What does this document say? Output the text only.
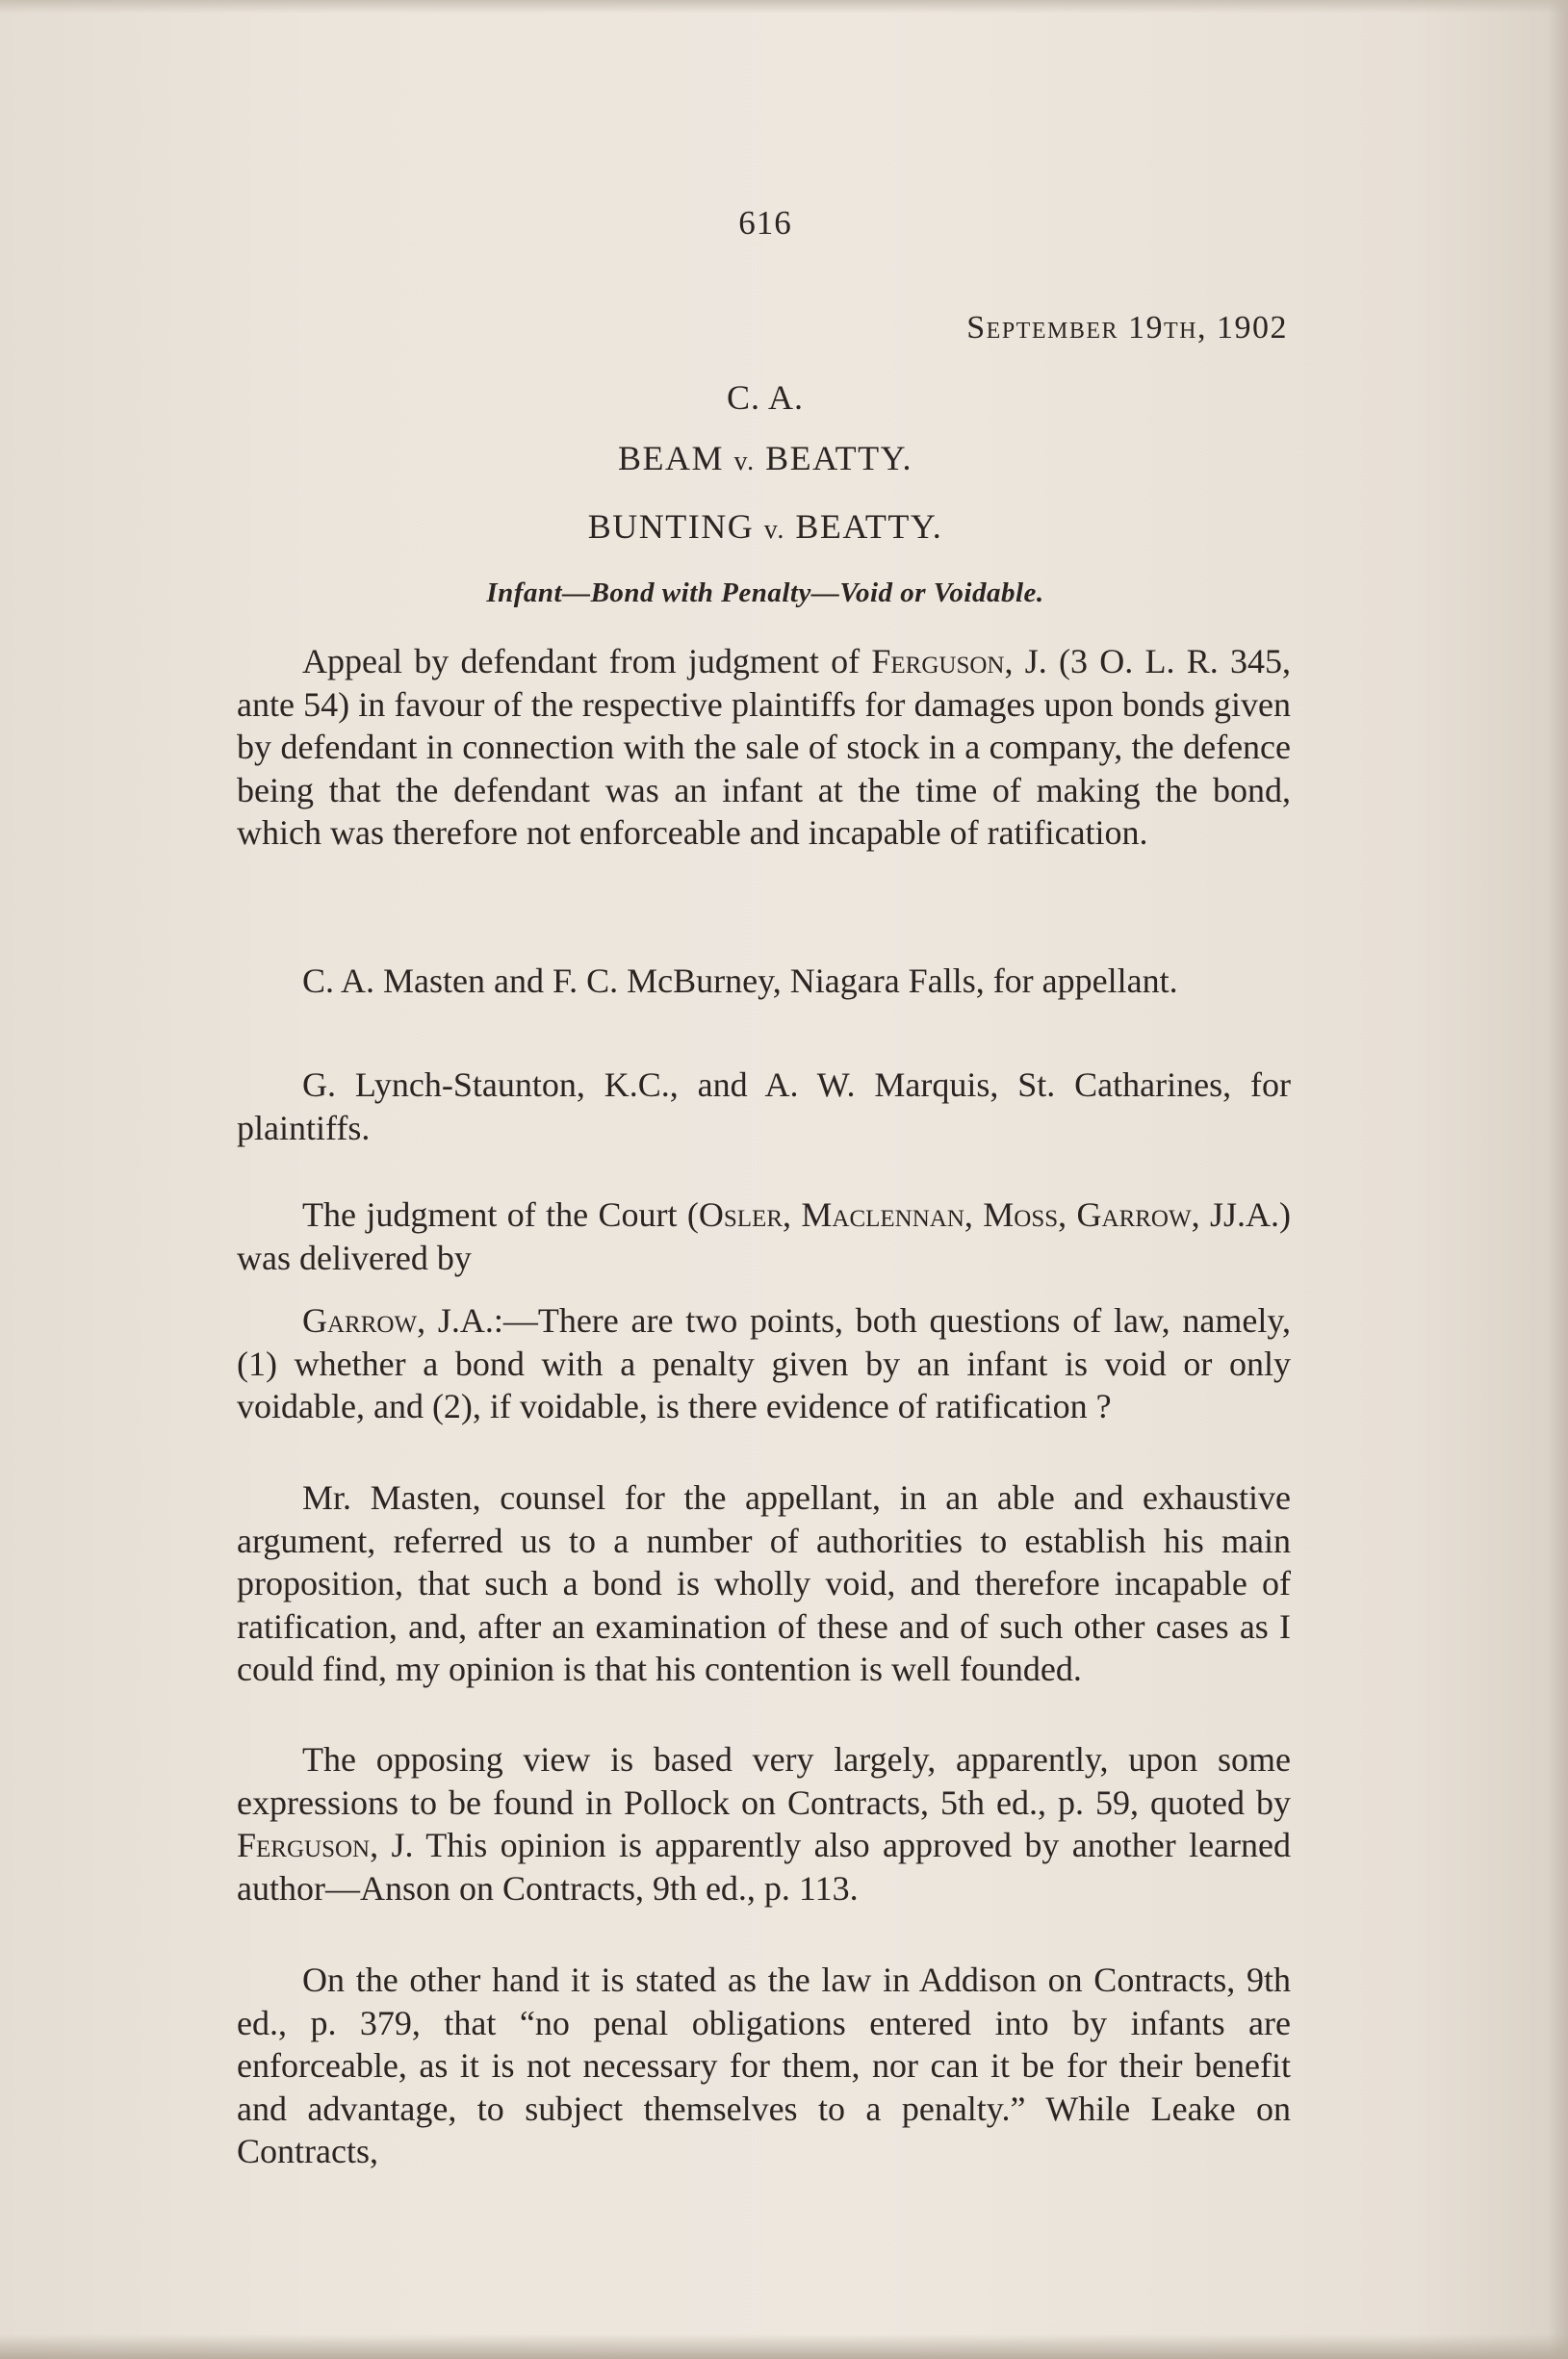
616
September 19th, 1902
C. A.
BEAM v. BEATTY.
BUNTING v. BEATTY.
Infant—Bond with Penalty—Void or Voidable.

Appeal by defendant from judgment of Ferguson, J. (3 O. L. R. 345, ante 54) in favour of the respective plaintiffs for damages upon bonds given by defendant in connection with the sale of stock in a company, the defence being that the defendant was an infant at the time of making the bond, which was therefore not enforceable and incapable of ratification.

C. A. Masten and F. C. McBurney, Niagara Falls, for appellant.

G. Lynch-Staunton, K.C., and A. W. Marquis, St. Catharines, for plaintiffs.

The judgment of the Court (Osler, Maclennan, Moss, Garrow, JJ.A.) was delivered by

Garrow, J.A.:—There are two points, both questions of law, namely, (1) whether a bond with a penalty given by an infant is void or only voidable, and (2), if voidable, is there evidence of ratification ?

Mr. Masten, counsel for the appellant, in an able and exhaustive argument, referred us to a number of authorities to establish his main proposition, that such a bond is wholly void, and therefore incapable of ratification, and, after an examination of these and of such other cases as I could find, my opinion is that his contention is well founded.

The opposing view is based very largely, apparently, upon some expressions to be found in Pollock on Contracts, 5th ed., p. 59, quoted by Ferguson, J. This opinion is apparently also approved by another learned author—Anson on Contracts, 9th ed., p. 113.

On the other hand it is stated as the law in Addison on Contracts, 9th ed., p. 379, that “no penal obligations entered into by infants are enforceable, as it is not necessary for them, nor can it be for their benefit and advantage, to subject themselves to a penalty.” While Leake on Contracts,
